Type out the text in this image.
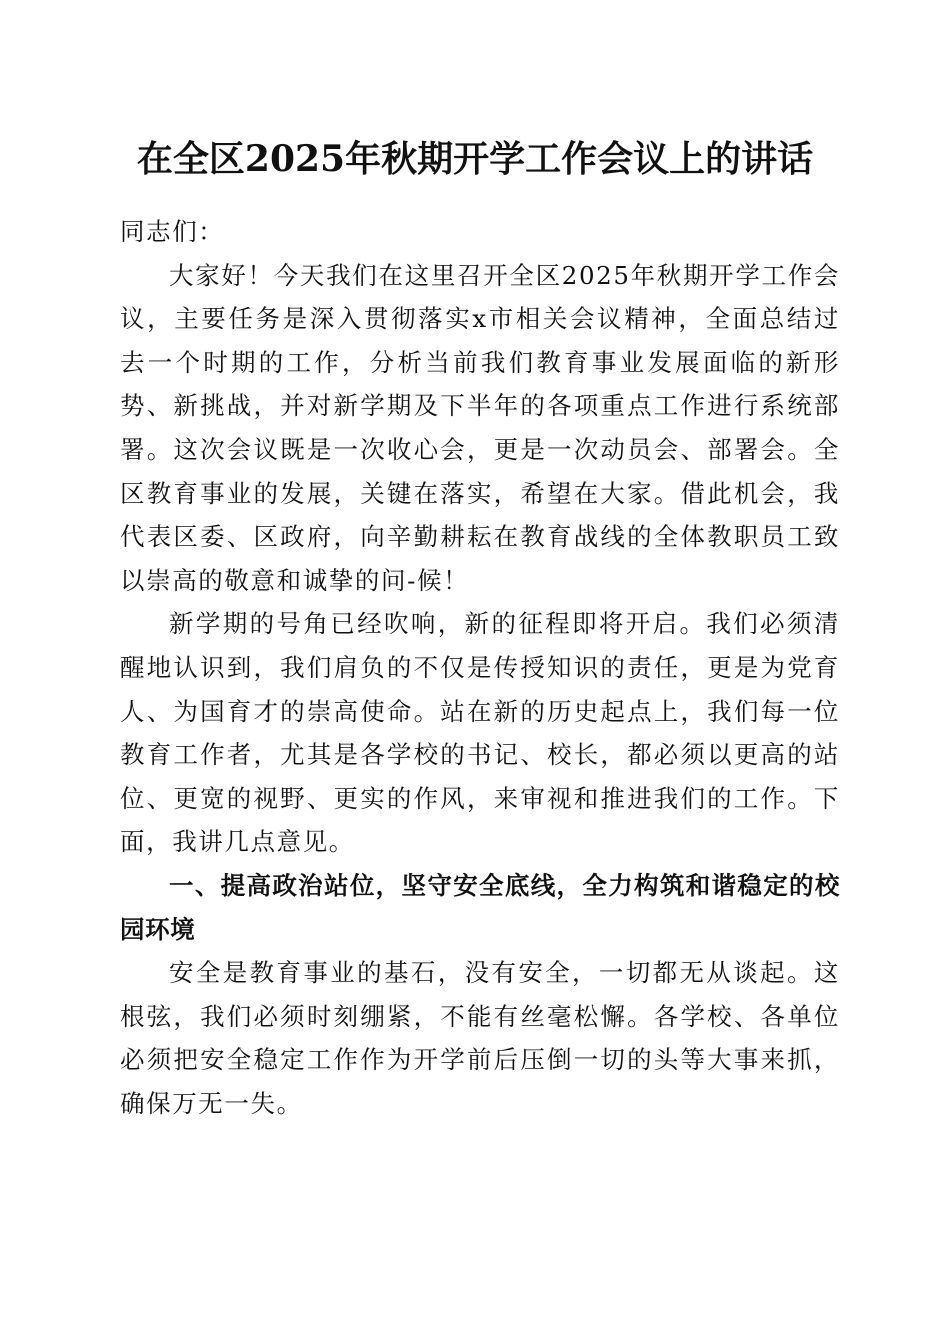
在全区2025年秋期开学工作会议上的讲话

同志们：

大家好！今天我们在这里召开全区2025年秋期开学工作会议，主要任务是深入贯彻落实x市相关会议精神，全面总结过去一个时期的工作，分析当前我们教育事业发展面临的新形势、新挑战，并对新学期及下半年的各项重点工作进行系统部署。这次会议既是一次收心会，更是一次动员会、部署会。全区教育事业的发展，关键在落实，希望在大家。借此机会，我代表区委、区政府，向辛勤耕耘在教育战线的全体教职员工致以崇高的敬意和诚挚的问-候！

新学期的号角已经吹响，新的征程即将开启。我们必须清醒地认识到，我们肩负的不仅是传授知识的责任，更是为党育人、为国育才的崇高使命。站在新的历史起点上，我们每一位教育工作者，尤其是各学校的书记、校长，都必须以更高的站位、更宽的视野、更实的作风，来审视和推进我们的工作。下面，我讲几点意见。

一、提高政治站位，坚守安全底线，全力构筑和谐稳定的校园环境

安全是教育事业的基石，没有安全，一切都无从谈起。这根弦，我们必须时刻绷紧，不能有丝毫松懈。各学校、各单位必须把安全稳定工作作为开学前后压倒一切的头等大事来抓，确保万无一失。
